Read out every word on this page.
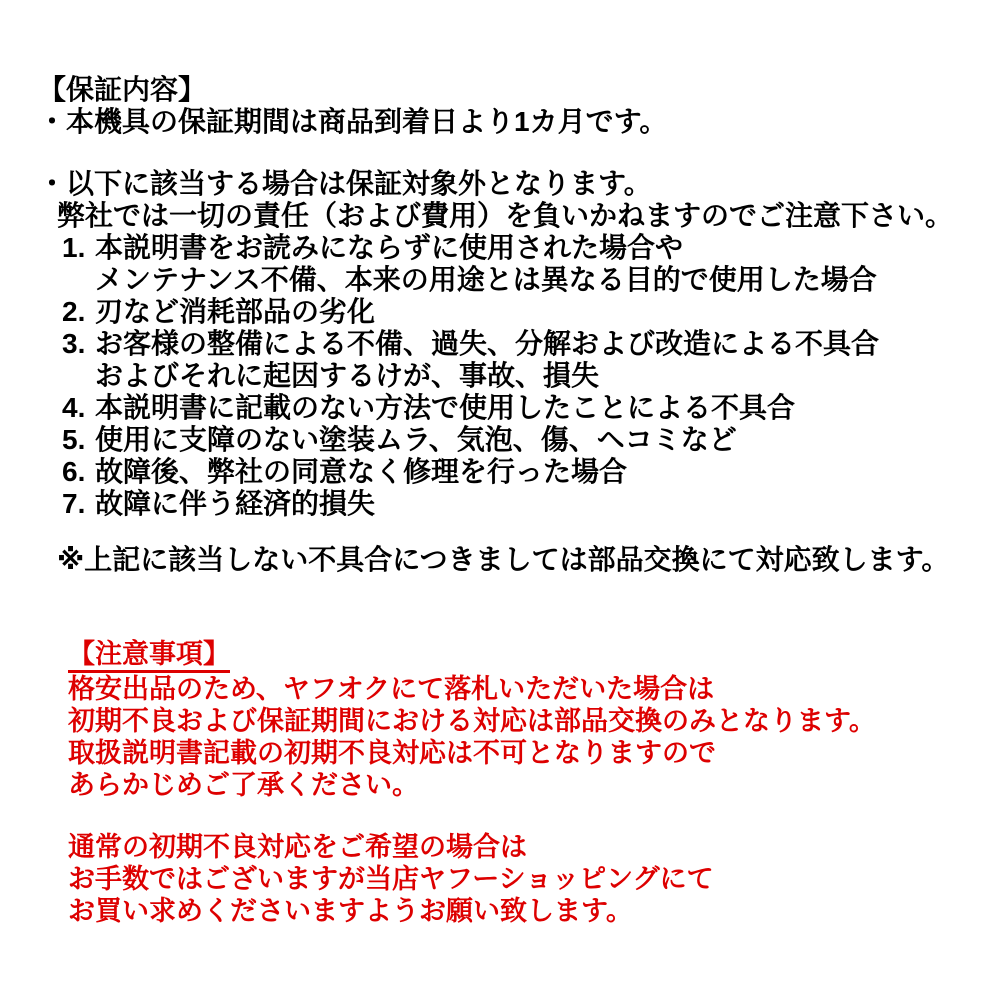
【保証内容】
・本機具の保証期間は商品到着日より1カ月です。
・以下に該当する場合は保証対象外となります。
弊社では一切の責任（および費用）を負いかねますのでご注意下さい。
1. 本説明書をお読みにならずに使用された場合や
メンテナンス不備、本来の用途とは異なる目的で使用した場合
2. 刃など消耗部品の劣化
3. お客様の整備による不備、過失、分解および改造による不具合
およびそれに起因するけが、事故、損失
4. 本説明書に記載のない方法で使用したことによる不具合
5. 使用に支障のない塗装ムラ、気泡、傷、ヘコミなど
6. 故障後、弊社の同意なく修理を行った場合
7. 故障に伴う経済的損失
※上記に該当しない不具合につきましては部品交換にて対応致します。
【注意事項】
格安出品のため、ヤフオクにて落札いただいた場合は
初期不良および保証期間における対応は部品交換のみとなります。
取扱説明書記載の初期不良対応は不可となりますので
あらかじめご了承ください。
通常の初期不良対応をご希望の場合は
お手数ではございますが当店ヤフーショッピングにて
お買い求めくださいますようお願い致します。
